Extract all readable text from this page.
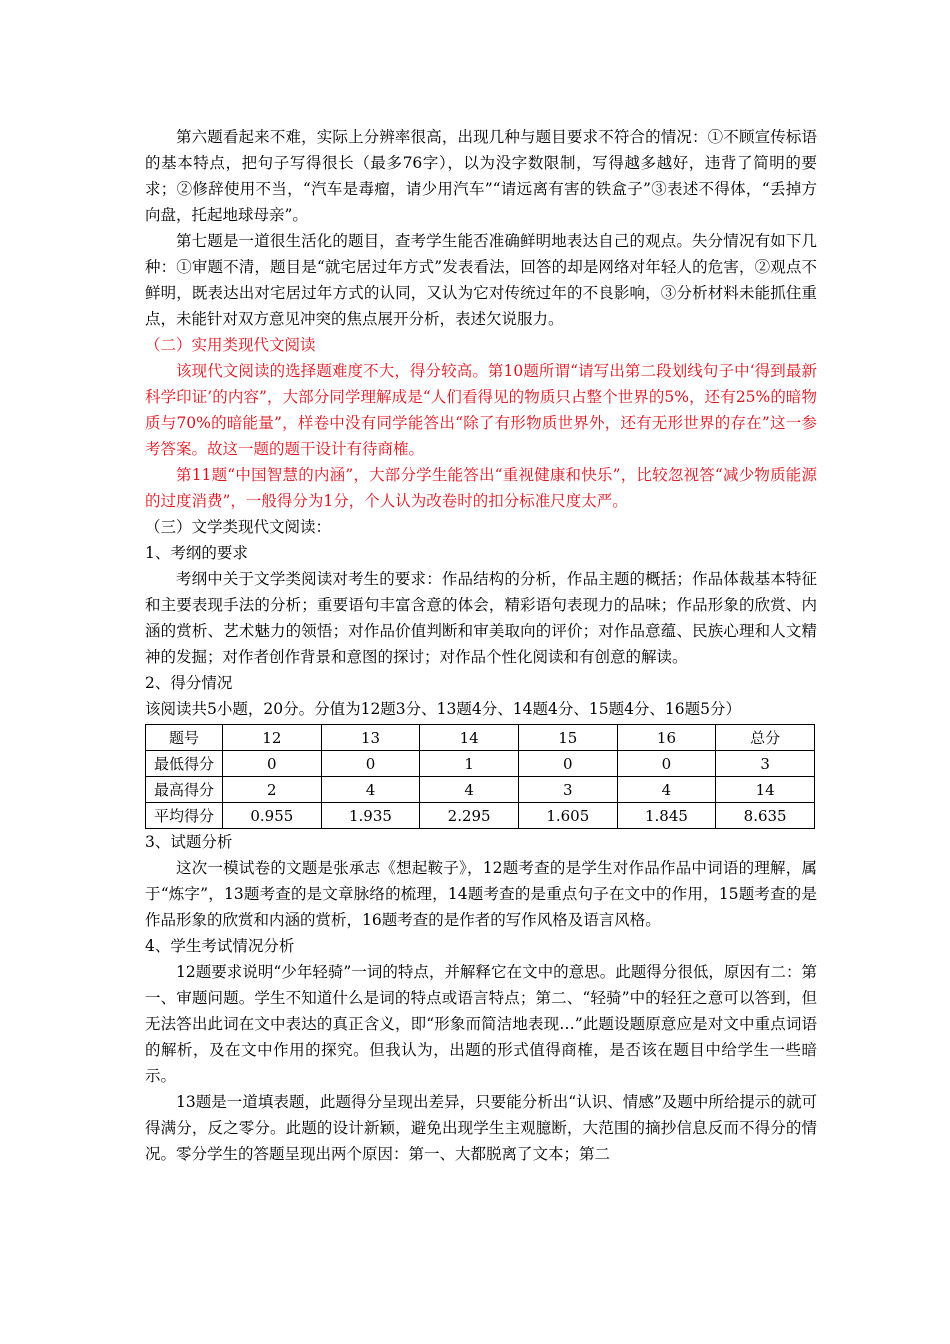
第六题看起来不难，实际上分辨率很高，出现几种与题目要求不符合的情况：①不顾宣传标语的基本特点，把句子写得很长（最多76字），以为没字数限制，写得越多越好，违背了简明的要求；②修辞使用不当，“汽车是毒瘤，请少用汽车”“请远离有害的铁盒子”③表述不得体，“丢掉方向盘，托起地球母亲”。

第七题是一道很生活化的题目，查考学生能否准确鲜明地表达自己的观点。失分情况有如下几种：①审题不清，题目是“就宅居过年方式”发表看法，回答的却是网络对年轻人的危害，②观点不鲜明，既表达出对宅居过年方式的认同，又认为它对传统过年的不良影响，③分析材料未能抓住重点，未能针对双方意见冲突的焦点展开分析，表述欠说服力。

（二）实用类现代文阅读

该现代文阅读的选择题难度不大，得分较高。第10题所谓“请写出第二段划线句子中‘得到最新科学印证’的内容”，大部分同学理解成是“人们看得见的物质只占整个世界的5%，还有25%的暗物质与70%的暗能量”，样卷中没有同学能答出“除了有形物质世界外，还有无形世界的存在”这一参考答案。故这一题的题干设计有待商榷。

第11题“中国智慧的内涵”，大部分学生能答出“重视健康和快乐”，比较忽视答“减少物质能源的过度消费”，一般得分为1分，个人认为改卷时的扣分标准尺度太严。

（三）文学类现代文阅读：

1、考纲的要求

考纲中关于文学类阅读对考生的要求：作品结构的分析，作品主题的概括；作品体裁基本特征和主要表现手法的分析；重要语句丰富含意的体会，精彩语句表现力的品味；作品形象的欣赏、内涵的赏析、艺术魅力的领悟；对作品价值判断和审美取向的评价；对作品意蕴、民族心理和人文精神的发掘；对作者创作背景和意图的探讨；对作品个性化阅读和有创意的解读。

2、得分情况

该阅读共5小题，20分。分值为12题3分、13题4分、14题4分、15题4分、16题5分）

题号	12	13	14	15	16	总分
最低得分	0	0	1	0	0	3
最高得分	2	4	4	3	4	14
平均得分	0.955	1.935	2.295	1.605	1.845	8.635

3、试题分析

这次一模试卷的文题是张承志《想起鞍子》，12题考查的是学生对作品作品中词语的理解，属于“炼字”，13题考查的是文章脉络的梳理，14题考查的是重点句子在文中的作用，15题考查的是作品形象的欣赏和内涵的赏析，16题考查的是作者的写作风格及语言风格。

4、学生考试情况分析

12题要求说明“少年轻骑”一词的特点，并解释它在文中的意思。此题得分很低，原因有二：第一、审题问题。学生不知道什么是词的特点或语言特点；第二、“轻骑”中的轻狂之意可以答到，但无法答出此词在文中表达的真正含义，即“形象而简洁地表现…”此题设题原意应是对文中重点词语的解析，及在文中作用的探究。但我认为，出题的形式值得商榷，是否该在题目中给学生一些暗示。

13题是一道填表题，此题得分呈现出差异，只要能分析出“认识、情感”及题中所给提示的就可得满分，反之零分。此题的设计新颖，避免出现学生主观臆断，大范围的摘抄信息反而不得分的情况。零分学生的答题呈现出两个原因：第一、大都脱离了文本；第二
